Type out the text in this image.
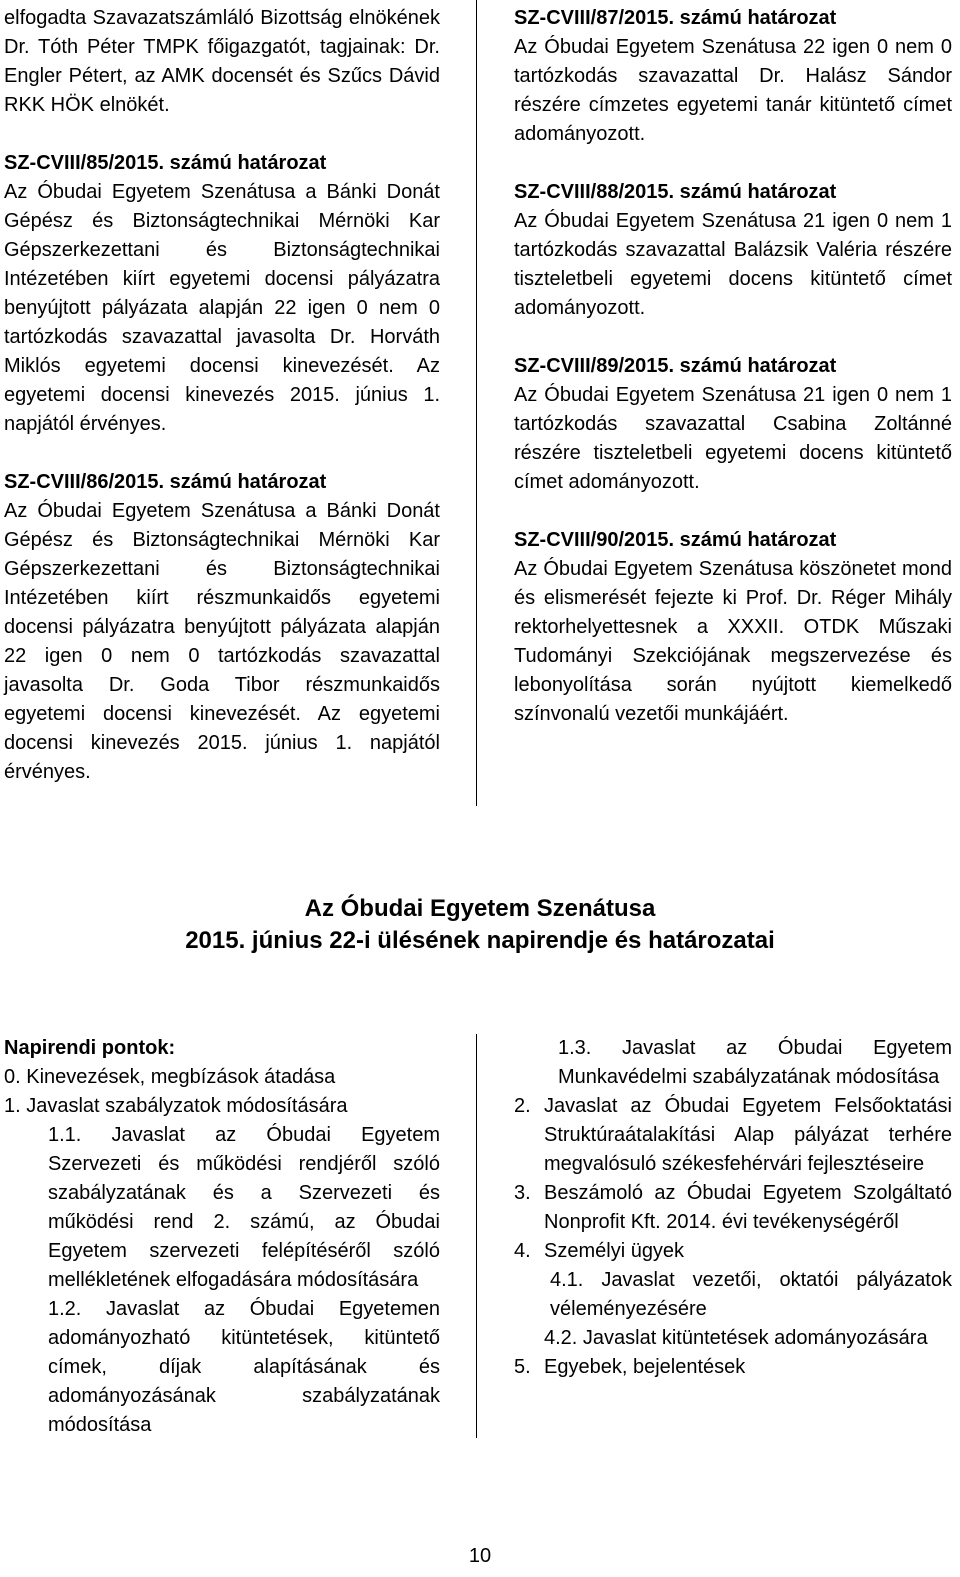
elfogadta Szavazatszámláló Bizottság elnökének Dr. Tóth Péter TMPK főigazgatót, tagjainak: Dr. Engler Pétert, az AMK docensét és Szűcs Dávid RKK HÖK elnökét.

SZ-CVIII/85/2015. számú határozat

Az Óbudai Egyetem Szenátusa a Bánki Donát Gépész és Biztonságtechnikai Mérnöki Kar Gépszerkezettani és Biztonságtechnikai Intézetében kiírt egyetemi docensi pályázatra benyújtott pályázata alapján 22 igen 0 nem 0 tartózkodás szavazattal javasolta Dr. Horváth Miklós egyetemi docensi kinevezését. Az egyetemi docensi kinevezés 2015. június 1. napjától érvényes.

SZ-CVIII/86/2015. számú határozat

Az Óbudai Egyetem Szenátusa a Bánki Donát Gépész és Biztonságtechnikai Mérnöki Kar Gépszerkezettani és Biztonságtechnikai Intézetében kiírt részmunkaidős egyetemi docensi pályázatra benyújtott pályázata alapján 22 igen 0 nem 0 tartózkodás szavazattal javasolta Dr. Goda Tibor részmunkaidős egyetemi docensi kinevezését. Az egyetemi docensi kinevezés 2015. június 1. napjától érvényes.

SZ-CVIII/87/2015. számú határozat

Az Óbudai Egyetem Szenátusa 22 igen 0 nem 0 tartózkodás szavazattal Dr. Halász Sándor részére címzetes egyetemi tanár kitüntető címet adományozott.

SZ-CVIII/88/2015. számú határozat

Az Óbudai Egyetem Szenátusa 21 igen 0 nem 1 tartózkodás szavazattal Balázsik Valéria részére tiszteletbeli egyetemi docens kitüntető címet adományozott.

SZ-CVIII/89/2015. számú határozat

Az Óbudai Egyetem Szenátusa 21 igen 0 nem 1 tartózkodás szavazattal Csabina Zoltánné részére tiszteletbeli egyetemi docens kitüntető címet adományozott.

SZ-CVIII/90/2015. számú határozat

Az Óbudai Egyetem Szenátusa köszönetet mond és elismerését fejezte ki Prof. Dr. Réger Mihály rektorhelyettesnek a XXXII. OTDK Műszaki Tudományi Szekciójának megszervezése és lebonyolítása során nyújtott kiemelkedő színvonalú vezetői munkájáért.

Az Óbudai Egyetem Szenátusa
2015. június 22-i ülésének napirendje és határozatai

Napirendi pontok:

0. Kinevezések, megbízások átadása

1. Javaslat szabályzatok módosítására

1.1. Javaslat az Óbudai Egyetem Szervezeti és működési rendjéről szóló szabályzatának és a Szervezeti és működési rend 2. számú, az Óbudai Egyetem szervezeti felépítéséről szóló mellékletének elfogadására módosítására

1.2. Javaslat az Óbudai Egyetemen adományozható kitüntetések, kitüntető címek, díjak alapításának és adományozásának szabályzatának módosítása

1.3. Javaslat az Óbudai Egyetem Munkavédelmi szabályzatának módosítása

2. Javaslat az Óbudai Egyetem Felsőoktatási Struktúraátalakítási Alap pályázat terhére megvalósuló székesfehérvári fejlesztéseire
3. Beszámoló az Óbudai Egyetem Szolgáltató Nonprofit Kft. 2014. évi tevékenységéről
4. Személyi ügyek

4.1. Javaslat vezetői, oktatói pályázatok véleményezésére

4.2. Javaslat kitüntetések adományozására

5. Egyebek, bejelentések
10
